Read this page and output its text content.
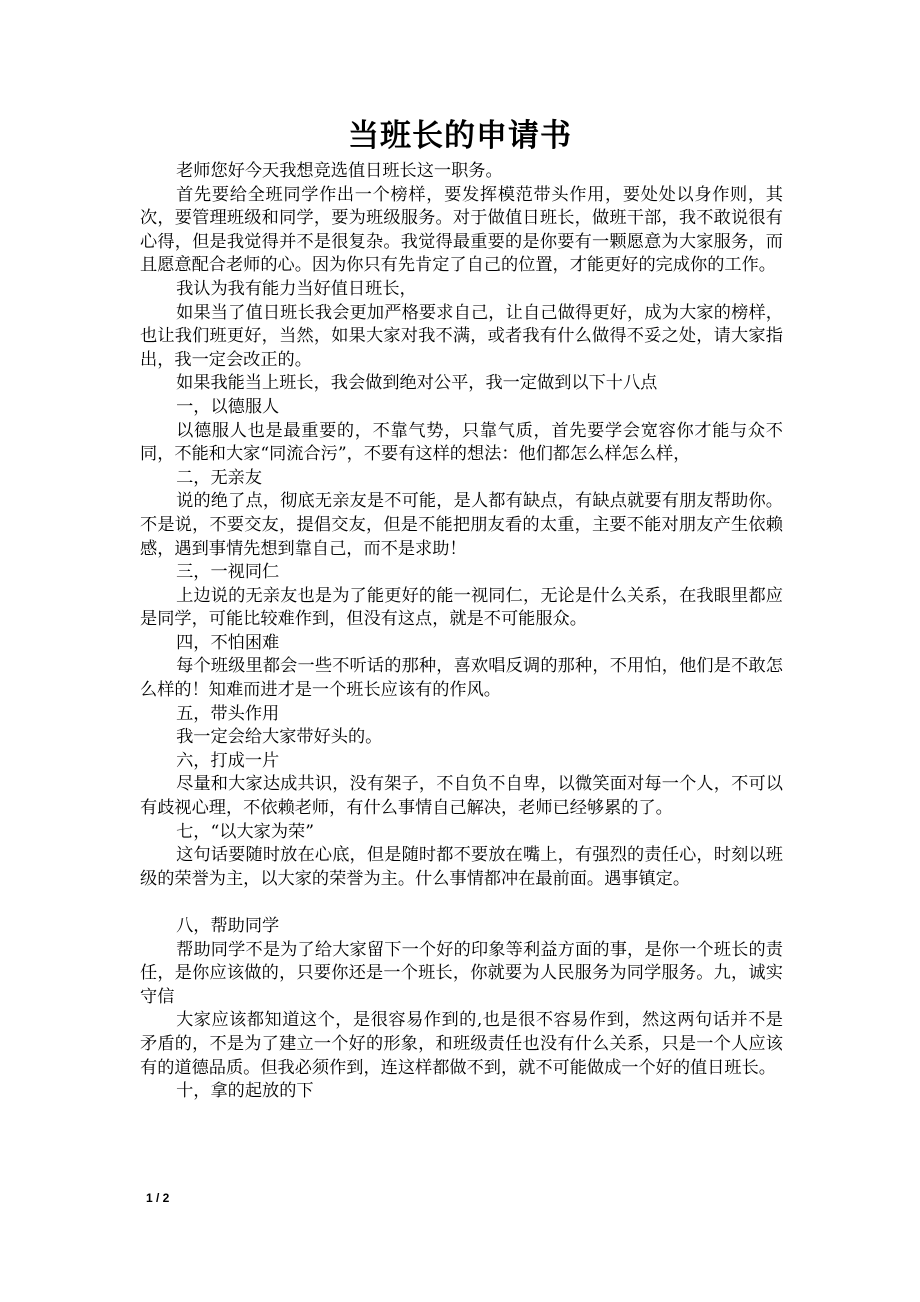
当班长的申请书

老师您好今天我想竞选值日班长这一职务。

首先要给全班同学作出一个榜样，要发挥模范带头作用，要处处以身作则，其次，要管理班级和同学，要为班级服务。对于做值日班长，做班干部，我不敢说很有心得，但是我觉得并不是很复杂。我觉得最重要的是你要有一颗愿意为大家服务，而且愿意配合老师的心。因为你只有先肯定了自己的位置，才能更好的完成你的工作。

我认为我有能力当好值日班长，

如果当了值日班长我会更加严格要求自己，让自己做得更好，成为大家的榜样，也让我们班更好，当然，如果大家对我不满，或者我有什么做得不妥之处，请大家指出，我一定会改正的。

如果我能当上班长，我会做到绝对公平，我一定做到以下十八点

一，以德服人

以德服人也是最重要的，不靠气势，只靠气质，首先要学会宽容你才能与众不同，不能和大家“同流合污”，不要有这样的想法：他们都怎么样怎么样，

二，无亲友

说的绝了点，彻底无亲友是不可能，是人都有缺点，有缺点就要有朋友帮助你。不是说，不要交友，提倡交友，但是不能把朋友看的太重，主要不能对朋友产生依赖感，遇到事情先想到靠自己，而不是求助！

三，一视同仁

上边说的无亲友也是为了能更好的能一视同仁，无论是什么关系，在我眼里都应是同学，可能比较难作到，但没有这点，就是不可能服众。

四，不怕困难

每个班级里都会一些不听话的那种，喜欢唱反调的那种，不用怕，他们是不敢怎么样的！知难而进才是一个班长应该有的作风。

五，带头作用

我一定会给大家带好头的。

六，打成一片

尽量和大家达成共识，没有架子，不自负不自卑，以微笑面对每一个人，不可以有歧视心理，不依赖老师，有什么事情自己解决，老师已经够累的了。

七，“以大家为荣”

这句话要随时放在心底，但是随时都不要放在嘴上，有强烈的责任心，时刻以班级的荣誉为主，以大家的荣誉为主。什么事情都冲在最前面。遇事镇定。

八，帮助同学

帮助同学不是为了给大家留下一个好的印象等利益方面的事，是你一个班长的责任，是你应该做的，只要你还是一个班长，你就要为人民服务为同学服务。九，诚实守信

大家应该都知道这个，是很容易作到的,也是很不容易作到，然这两句话并不是矛盾的，不是为了建立一个好的形象，和班级责任也没有什么关系，只是一个人应该有的道德品质。但我必须作到，连这样都做不到，就不可能做成一个好的值日班长。

十，拿的起放的下

1 / 2
